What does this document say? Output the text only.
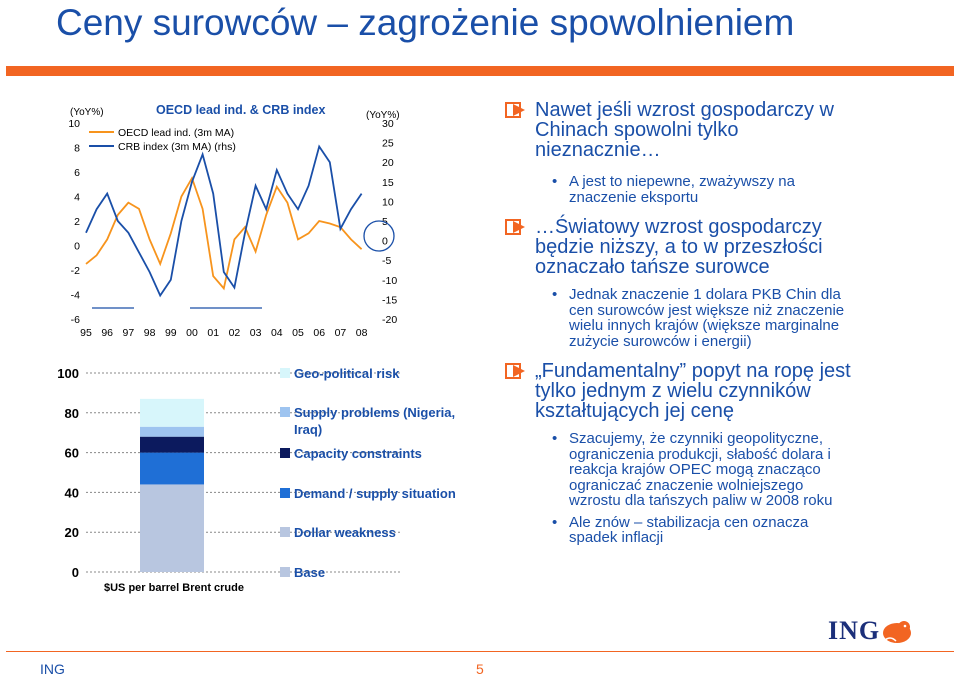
Ceny surowców – zagrożenie spowolnieniem
OECD lead ind. & CRB index
(YoY%)	(YoY%)
10
8
6
4
2
0
-2
-4
-6
30
25
20
15
10
5
0
-5
-10
-15
-20
95 96 97 98 99 00 01 02 03 04 05 06 07 08
OECD lead ind. (3m MA)
CRB index (3m MA) (rhs)
100
80
60
40
20
0
$US per barrel Brent crude
Base
Dollar weakness
Demand / supply situation
Capacity constraints
Supply problems (Nigeria,
Iraq)
Geo-political risk
Nawet jeśli wzrost gospodarczy w
Chinach spowolni tylko
nieznacznie…
• A jest to niepewne, zważywszy na
znaczenie eksportu
…Światowy wzrost gospodarczy
będzie niższy, a to w przeszłości
oznaczało tańsze surowce
• Jednak znaczenie 1 dolara PKB Chin dla
cen surowców jest większe niż znaczenie
wielu innych krajów (większe marginalne
zużycie surowców i energii)
„Fundamentalny” popyt na ropę jest
tylko jednym z wielu czynników
kształtujących jej cenę
• Szacujemy, że czynniki geopolityczne,
ograniczenia produkcji, słabość dolara i
reakcja krajów OPEC mogą znacząco
ograniczać znaczenie wolniejszego
wzrostu dla tańszych paliw w 2008 roku
• Ale znów – stabilizacja cen oznacza
spadek inflacji
ING	5
ING
